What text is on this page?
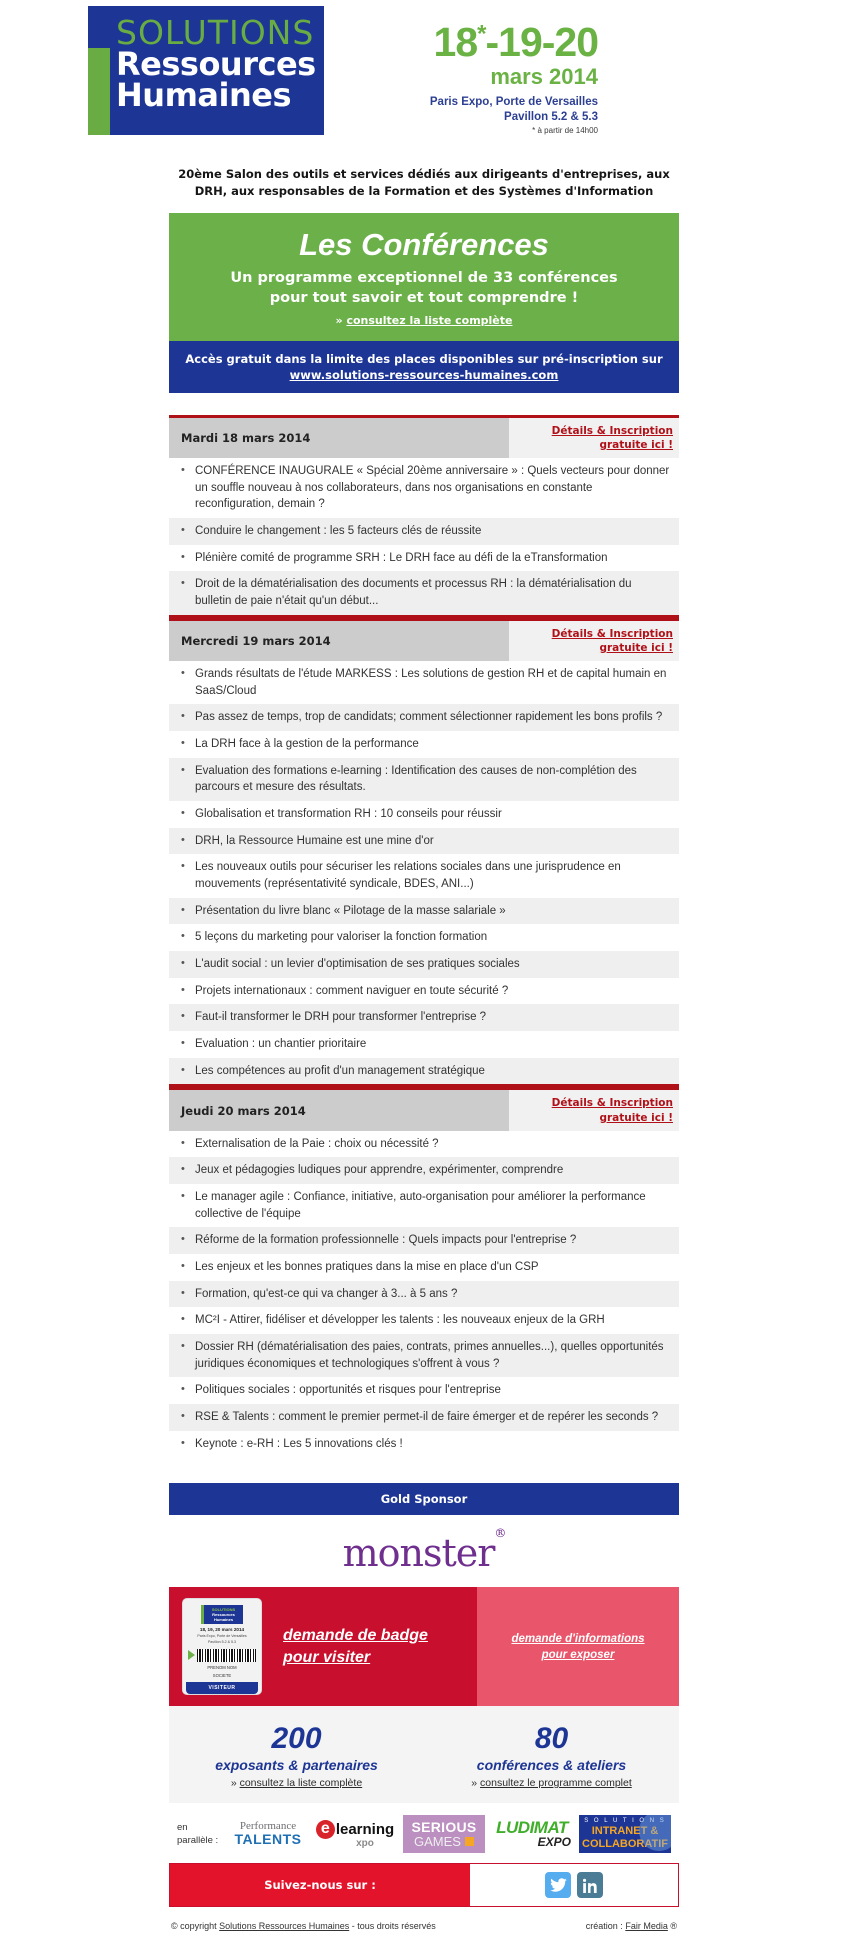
SOLUTIONS
Ressources
Humaines
18*-19-20
mars 2014
Paris Expo, Porte de Versailles
Pavillon 5.2 & 5.3
* à partir de 14h00
20ème Salon des outils et services dédiés aux dirigeants d'entreprises, aux DRH, aux responsables de la Formation et des Systèmes d'Information
Les Conférences
Un programme exceptionnel de 33 conférences
pour tout savoir et tout comprendre !
» consultez la liste complète
Accès gratuit dans la limite des places disponibles sur pré-inscription sur
www.solutions-ressources-humaines.com
Mardi 18 mars 2014
Détails & Inscription
gratuite ici !
• CONFÉRENCE INAUGURALE « Spécial 20ème anniversaire » : Quels vecteurs pour donner un souffle nouveau à nos collaborateurs, dans nos organisations en constante reconfiguration, demain ?
• Conduire le changement : les 5 facteurs clés de réussite
• Plénière comité de programme SRH : Le DRH face au défi de la eTransformation
• Droit de la dématérialisation des documents et processus RH : la dématérialisation du bulletin de paie n'était qu'un début...
Mercredi 19 mars 2014
Détails & Inscription
gratuite ici !
• Grands résultats de l'étude MARKESS : Les solutions de gestion RH et de capital humain en SaaS/Cloud
• Pas assez de temps, trop de candidats; comment sélectionner rapidement les bons profils ?
• La DRH face à la gestion de la performance
• Evaluation des formations e-learning : Identification des causes de non-complétion des parcours et mesure des résultats.
• Globalisation et transformation RH : 10 conseils pour réussir
• DRH, la Ressource Humaine est une mine d'or
• Les nouveaux outils pour sécuriser les relations sociales dans une jurisprudence en mouvements (représentativité syndicale, BDES, ANI...)
• Présentation du livre blanc « Pilotage de la masse salariale »
• 5 leçons du marketing pour valoriser la fonction formation
• L'audit social : un levier d'optimisation de ses pratiques sociales
• Projets internationaux : comment naviguer en toute sécurité ?
• Faut-il transformer le DRH pour transformer l'entreprise ?
• Evaluation : un chantier prioritaire
• Les compétences au profit d'un management stratégique
Jeudi 20 mars 2014
Détails & Inscription
gratuite ici !
• Externalisation de la Paie : choix ou nécessité ?
• Jeux et pédagogies ludiques pour apprendre, expérimenter, comprendre
• Le manager agile : Confiance, initiative, auto-organisation pour améliorer la performance collective de l'équipe
• Réforme de la formation professionnelle : Quels impacts pour l'entreprise ?
• Les enjeux et les bonnes pratiques dans la mise en place d'un CSP
• Formation, qu'est-ce qui va changer à 3... à 5 ans ?
• MC²I - Attirer, fidéliser et développer les talents : les nouveaux enjeux de la GRH
• Dossier RH (dématérialisation des paies, contrats, primes annuelles...), quelles opportunités juridiques économiques et technologiques s'offrent à vous ?
• Politiques sociales : opportunités et risques pour l'entreprise
• RSE & Talents : comment le premier permet-il de faire émerger et de repérer les seconds ?
• Keynote : e-RH : Les 5 innovations clés !
Gold Sponsor
monster®
SOLUTIONS
Ressources
Humaines
18, 19, 20 mars 2014
Paris Expo, Porte de Versailles
Pavillon 5.2 & 5.3
PRENOM NOM
SOCIETE
VISITEUR
demande de badge
pour visiter
demande d'informations
pour exposer
200
exposants & partenaires
» consultez la liste complète
80
conférences & ateliers
» consultez le programme complet
en
parallèle :
Performance
TALENTS
e learning
xpo
SERIOUS
GAMES
LUDIMAT
EXPO
S O L U T I O N S
INTRANET &
COLLABORATIF
Suivez-nous sur :
© copyright Solutions Ressources Humaines - tous droits réservés	création : Fair Media ®
